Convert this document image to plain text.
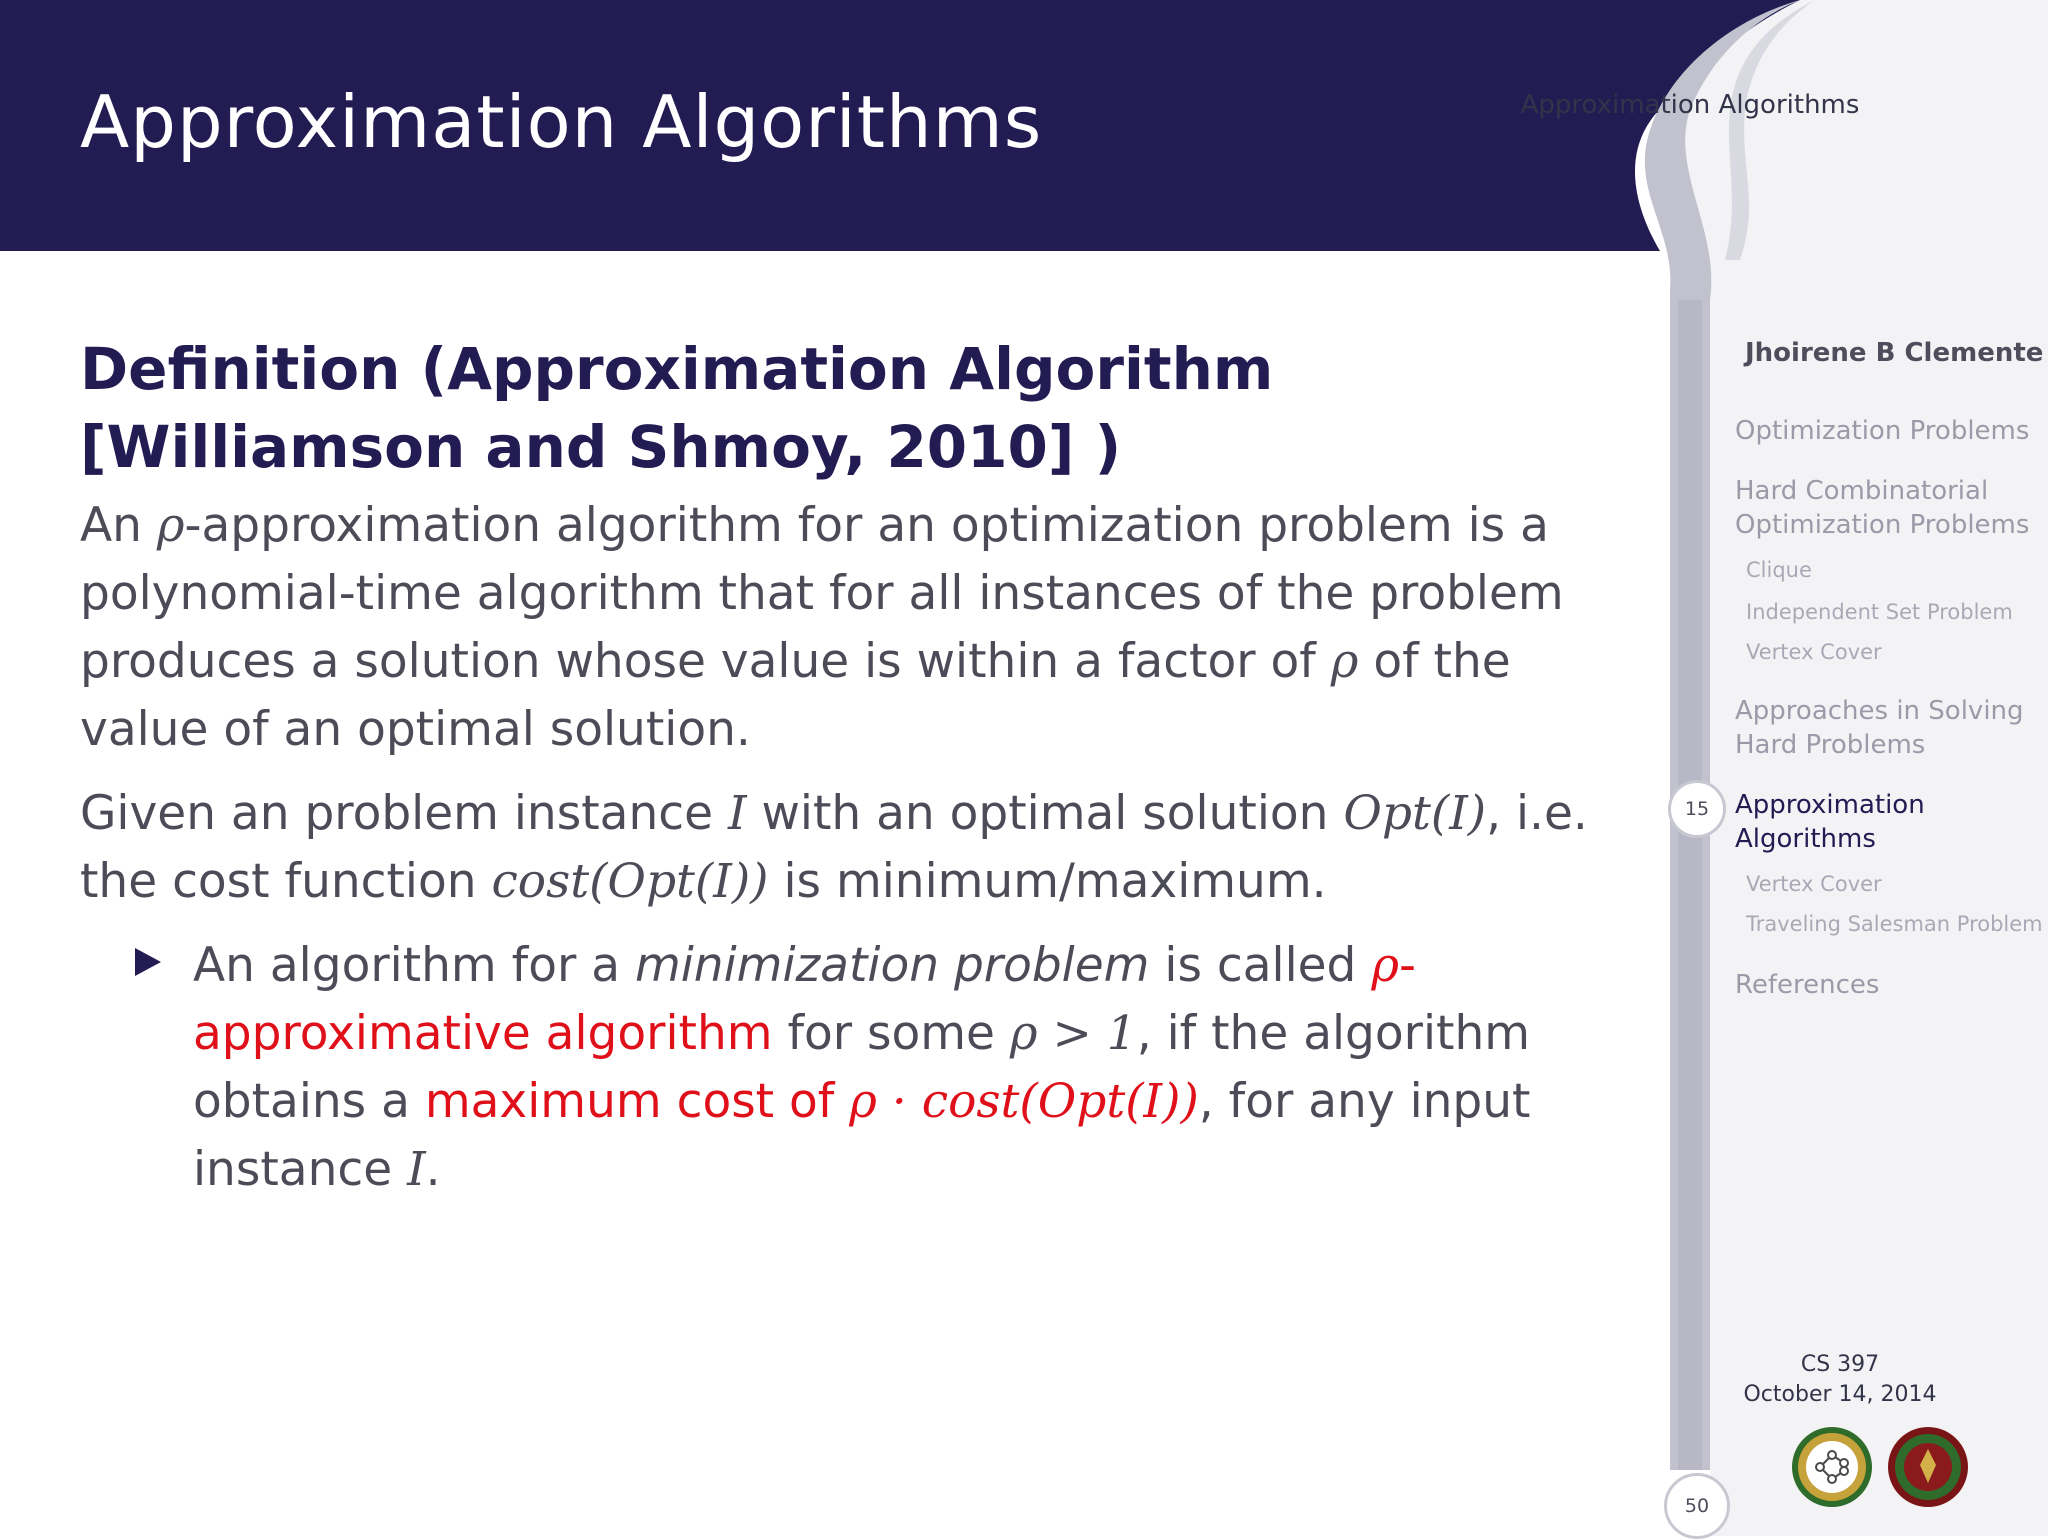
Approximation Algorithms
Definition (Approximation Algorithm
[Williamson and Shmoy, 2010] )

An ρ-approximation algorithm for an optimization problem is a polynomial-time algorithm that for all instances of the problem produces a solution whose value is within a factor of ρ of the value of an optimal solution.

Given an problem instance I with an optimal solution Opt(I), i.e. the cost function cost(Opt(I)) is minimum/maximum.

An algorithm for a minimization problem is called ρ-approximative algorithm for some ρ > 1, if the algorithm obtains a maximum cost of ρ · cost(Opt(I)), for any input instance I.

Approximation Algorithms
Jhoirene B Clemente
Optimization Problems
Hard Combinatorial Optimization Problems
Clique
Independent Set Problem
Vertex Cover
Approaches in Solving Hard Problems
Approximation Algorithms
Vertex Cover
Traveling Salesman Problem
References
15
CS 397
October 14, 2014
50
